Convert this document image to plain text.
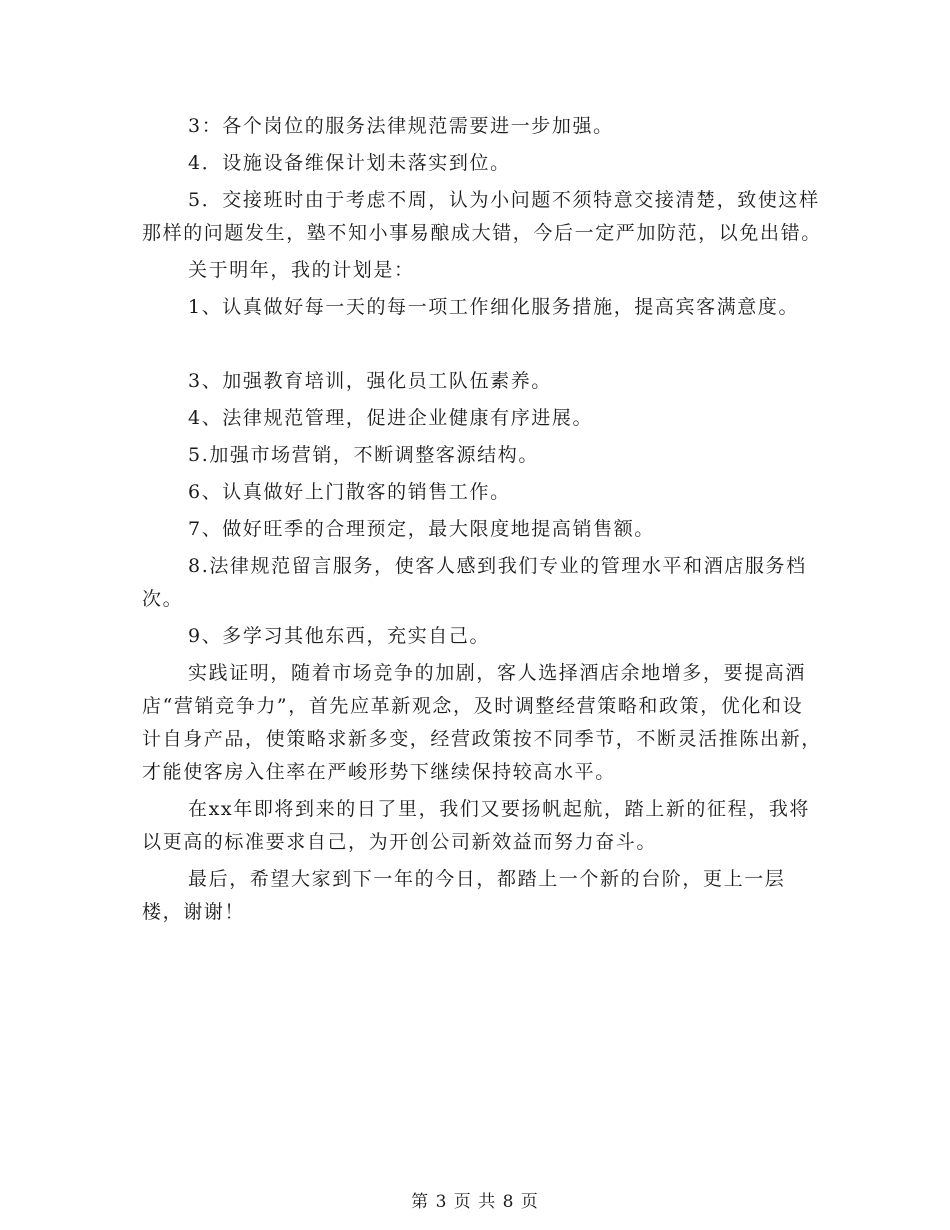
3：各个岗位的服务法律规范需要进一步加强。

4．设施设备维保计划未落实到位。

5．交接班时由于考虑不周，认为小问题不须特意交接清楚，致使这样那样的问题发生，塾不知小事易酿成大错，今后一定严加防范，以免出错。

关于明年，我的计划是：

1、认真做好每一天的每一项工作细化服务措施，提高宾客满意度。

3、加强教育培训，强化员工队伍素养。

4、法律规范管理，促进企业健康有序进展。

5.加强市场营销，不断调整客源结构。

6、认真做好上门散客的销售工作。

7、做好旺季的合理预定，最大限度地提高销售额。

8.法律规范留言服务，使客人感到我们专业的管理水平和酒店服务档次。

9、多学习其他东西，充实自己。

实践证明，随着市场竞争的加剧，客人选择酒店余地增多，要提高酒店“营销竞争力”，首先应革新观念，及时调整经营策略和政策，优化和设计自身产品，使策略求新多变，经营政策按不同季节，不断灵活推陈出新，才能使客房入住率在严峻形势下继续保持较高水平。

在xx年即将到来的日了里，我们又要扬帆起航，踏上新的征程，我将以更高的标准要求自己，为开创公司新效益而努力奋斗。

最后，希望大家到下一年的今日，都踏上一个新的台阶，更上一层楼，谢谢！

第 3 页 共 8 页
